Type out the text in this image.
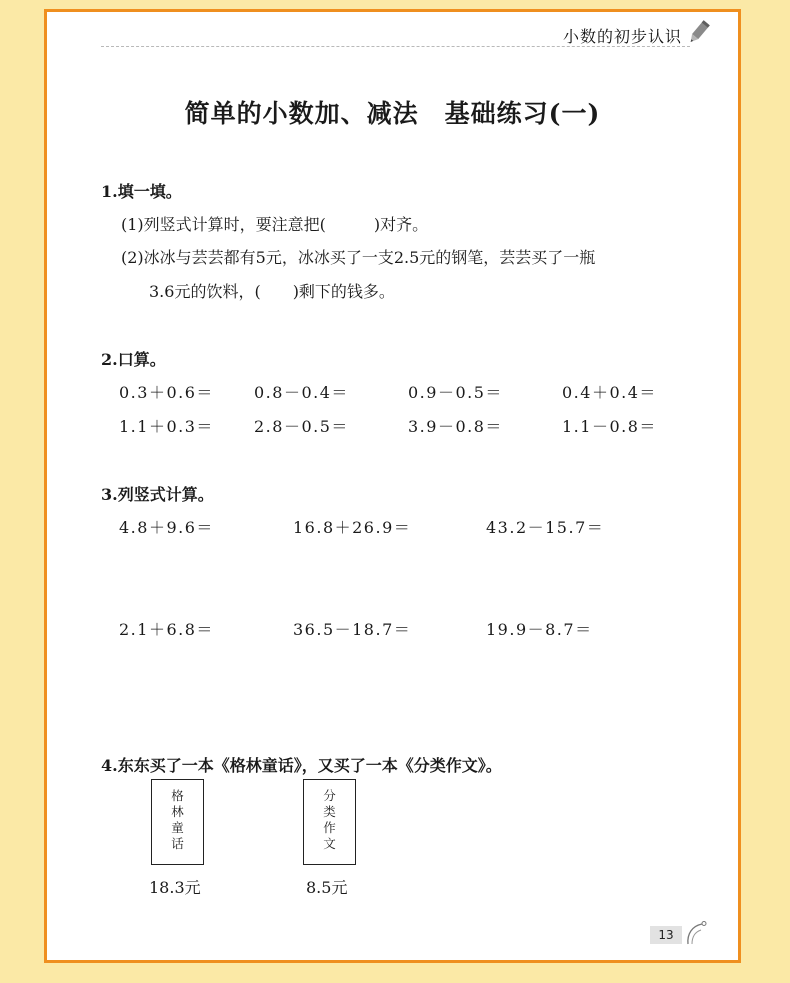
小数的初步认识
简单的小数加、减法　基础练习(一)
1.填一填。
(1)列竖式计算时，要注意把(　　　)对齐。
(2)冰冰与芸芸都有5元，冰冰买了一支2.5元的钢笔，芸芸买了一瓶
3.6元的饮料，(　　)剩下的钱多。
2.口算。
0.3＋0.6＝	0.8－0.4＝	0.9－0.5＝	0.4＋0.4＝
1.1＋0.3＝	2.8－0.5＝	3.9－0.8＝	1.1－0.8＝
3.列竖式计算。
4.8＋9.6＝	16.8＋26.9＝	43.2－15.7＝
2.1＋6.8＝	36.5－18.7＝	19.9－8.7＝
4.东东买了一本《格林童话》，又买了一本《分类作文》。
格
林
童
话
18.3元
分
类
作
文
8.5元
13
